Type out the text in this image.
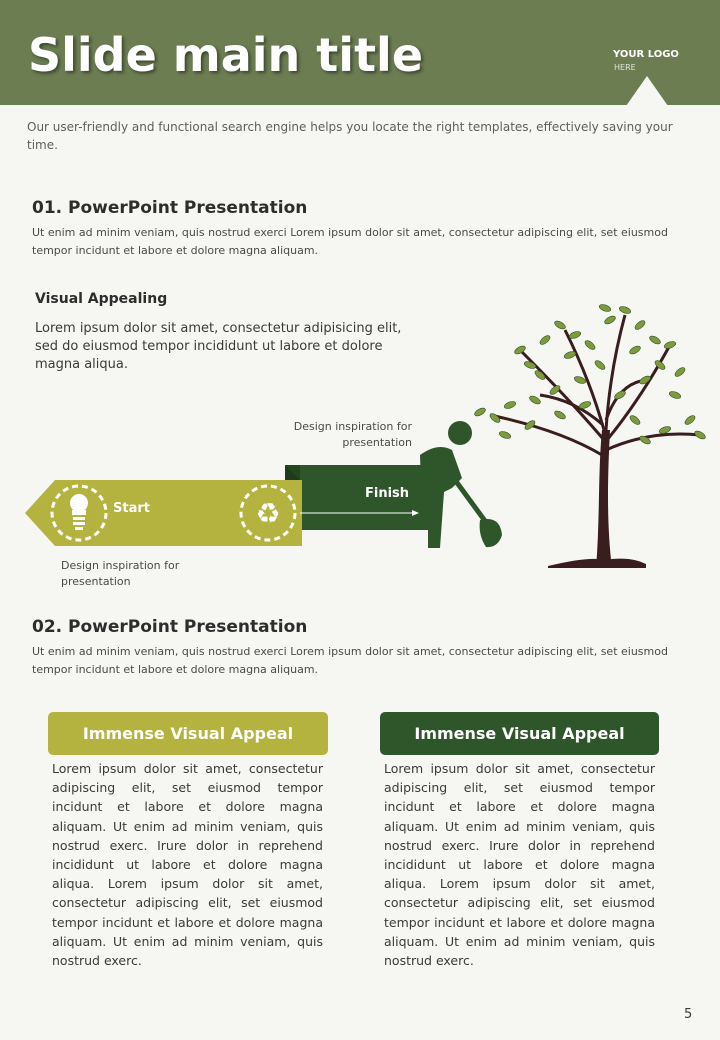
Slide main title	YOUR LOGO
HERE

Our user-friendly and functional search engine helps you locate the right templates, effectively saving your time.

01. PowerPoint Presentation

Ut enim ad minim veniam, quis nostrud exerci Lorem ipsum dolor sit amet, consectetur adipiscing elit, set eiusmod tempor incidunt et labore et dolore magna aliquam.

Visual Appealing

Lorem ipsum dolor sit amet, consectetur adipisicing elit, sed do eiusmod tempor incididunt ut labore et dolore magna aliqua.

♻
Design inspiration for presentation
Design inspiration for presentation
Start
Finish
02. PowerPoint Presentation

Ut enim ad minim veniam, quis nostrud exerci Lorem ipsum dolor sit amet, consectetur adipiscing elit, set eiusmod tempor incidunt et labore et dolore magna aliquam.

Immense Visual Appeal

Lorem ipsum dolor sit amet, consectetur adipiscing elit, set eiusmod tempor incidunt et labore et dolore magna aliquam. Ut enim ad minim veniam, quis nostrud exerc. Irure dolor in reprehend incididunt ut labore et dolore magna aliqua. Lorem ipsum dolor sit amet, consectetur adipiscing elit, set eiusmod tempor incidunt et labore et dolore magna aliquam. Ut enim ad minim veniam, quis nostrud exerc.

Immense Visual Appeal

Lorem ipsum dolor sit amet, consectetur adipiscing elit, set eiusmod tempor incidunt et labore et dolore magna aliquam. Ut enim ad minim veniam, quis nostrud exerc. Irure dolor in reprehend incididunt ut labore et dolore magna aliqua. Lorem ipsum dolor sit amet, consectetur adipiscing elit, set eiusmod tempor incidunt et labore et dolore magna aliquam. Ut enim ad minim veniam, quis nostrud exerc.

5
